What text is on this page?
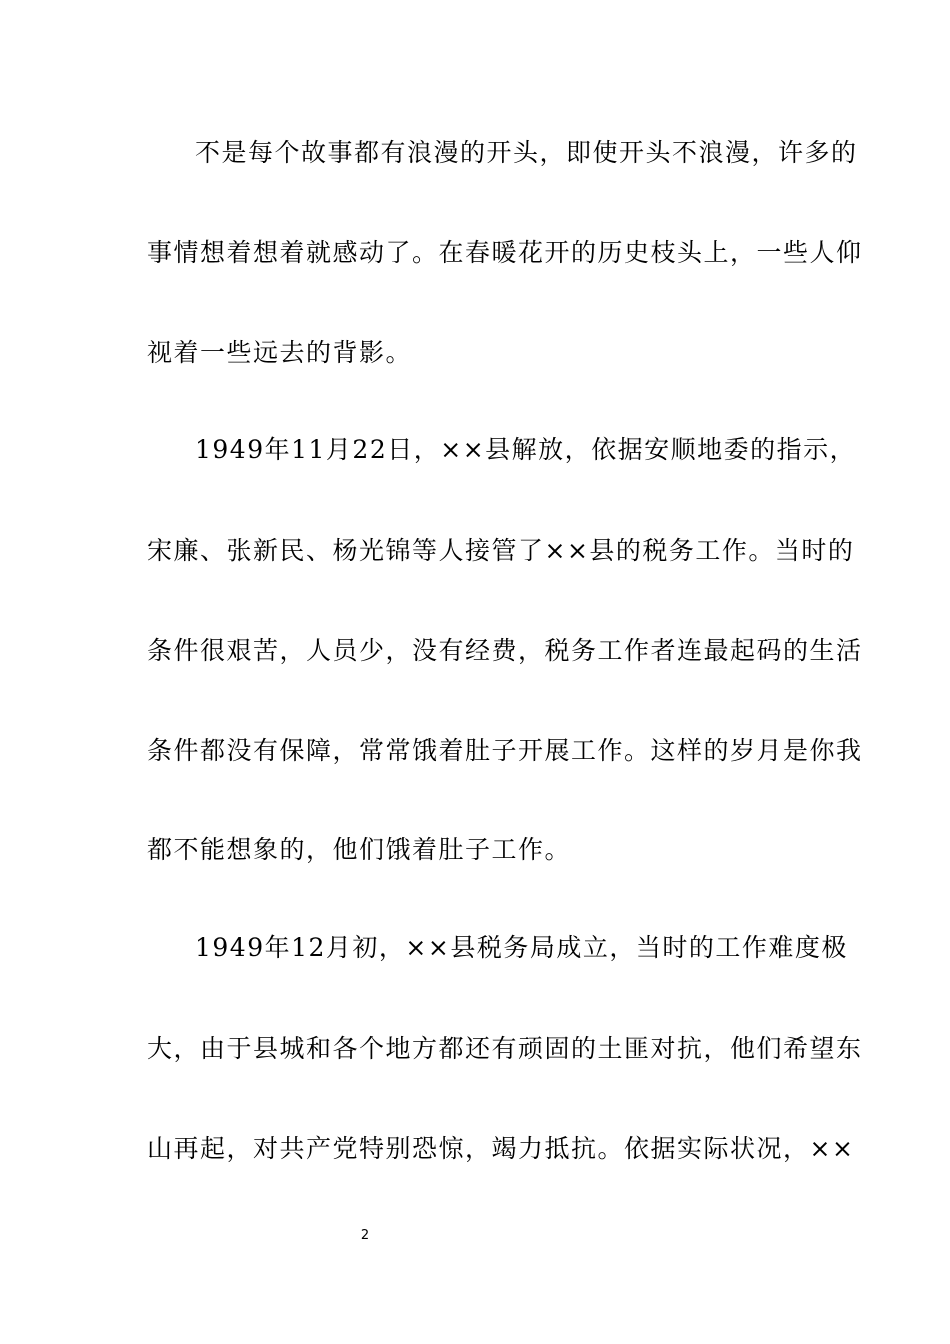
不是每个故事都有浪漫的开头，即使开头不浪漫，许多的
事情想着想着就感动了。在春暖花开的历史枝头上，一些人仰
视着一些远去的背影。
1949年11月22日，××县解放，依据安顺地委的指示，
宋廉、张新民、杨光锦等人接管了××县的税务工作。当时的
条件很艰苦，人员少，没有经费，税务工作者连最起码的生活
条件都没有保障，常常饿着肚子开展工作。这样的岁月是你我
都不能想象的，他们饿着肚子工作。
1949年12月初，××县税务局成立，当时的工作难度极
大，由于县城和各个地方都还有顽固的土匪对抗，他们希望东
山再起，对共产党特别恐惊，竭力抵抗。依据实际状况，××
2
